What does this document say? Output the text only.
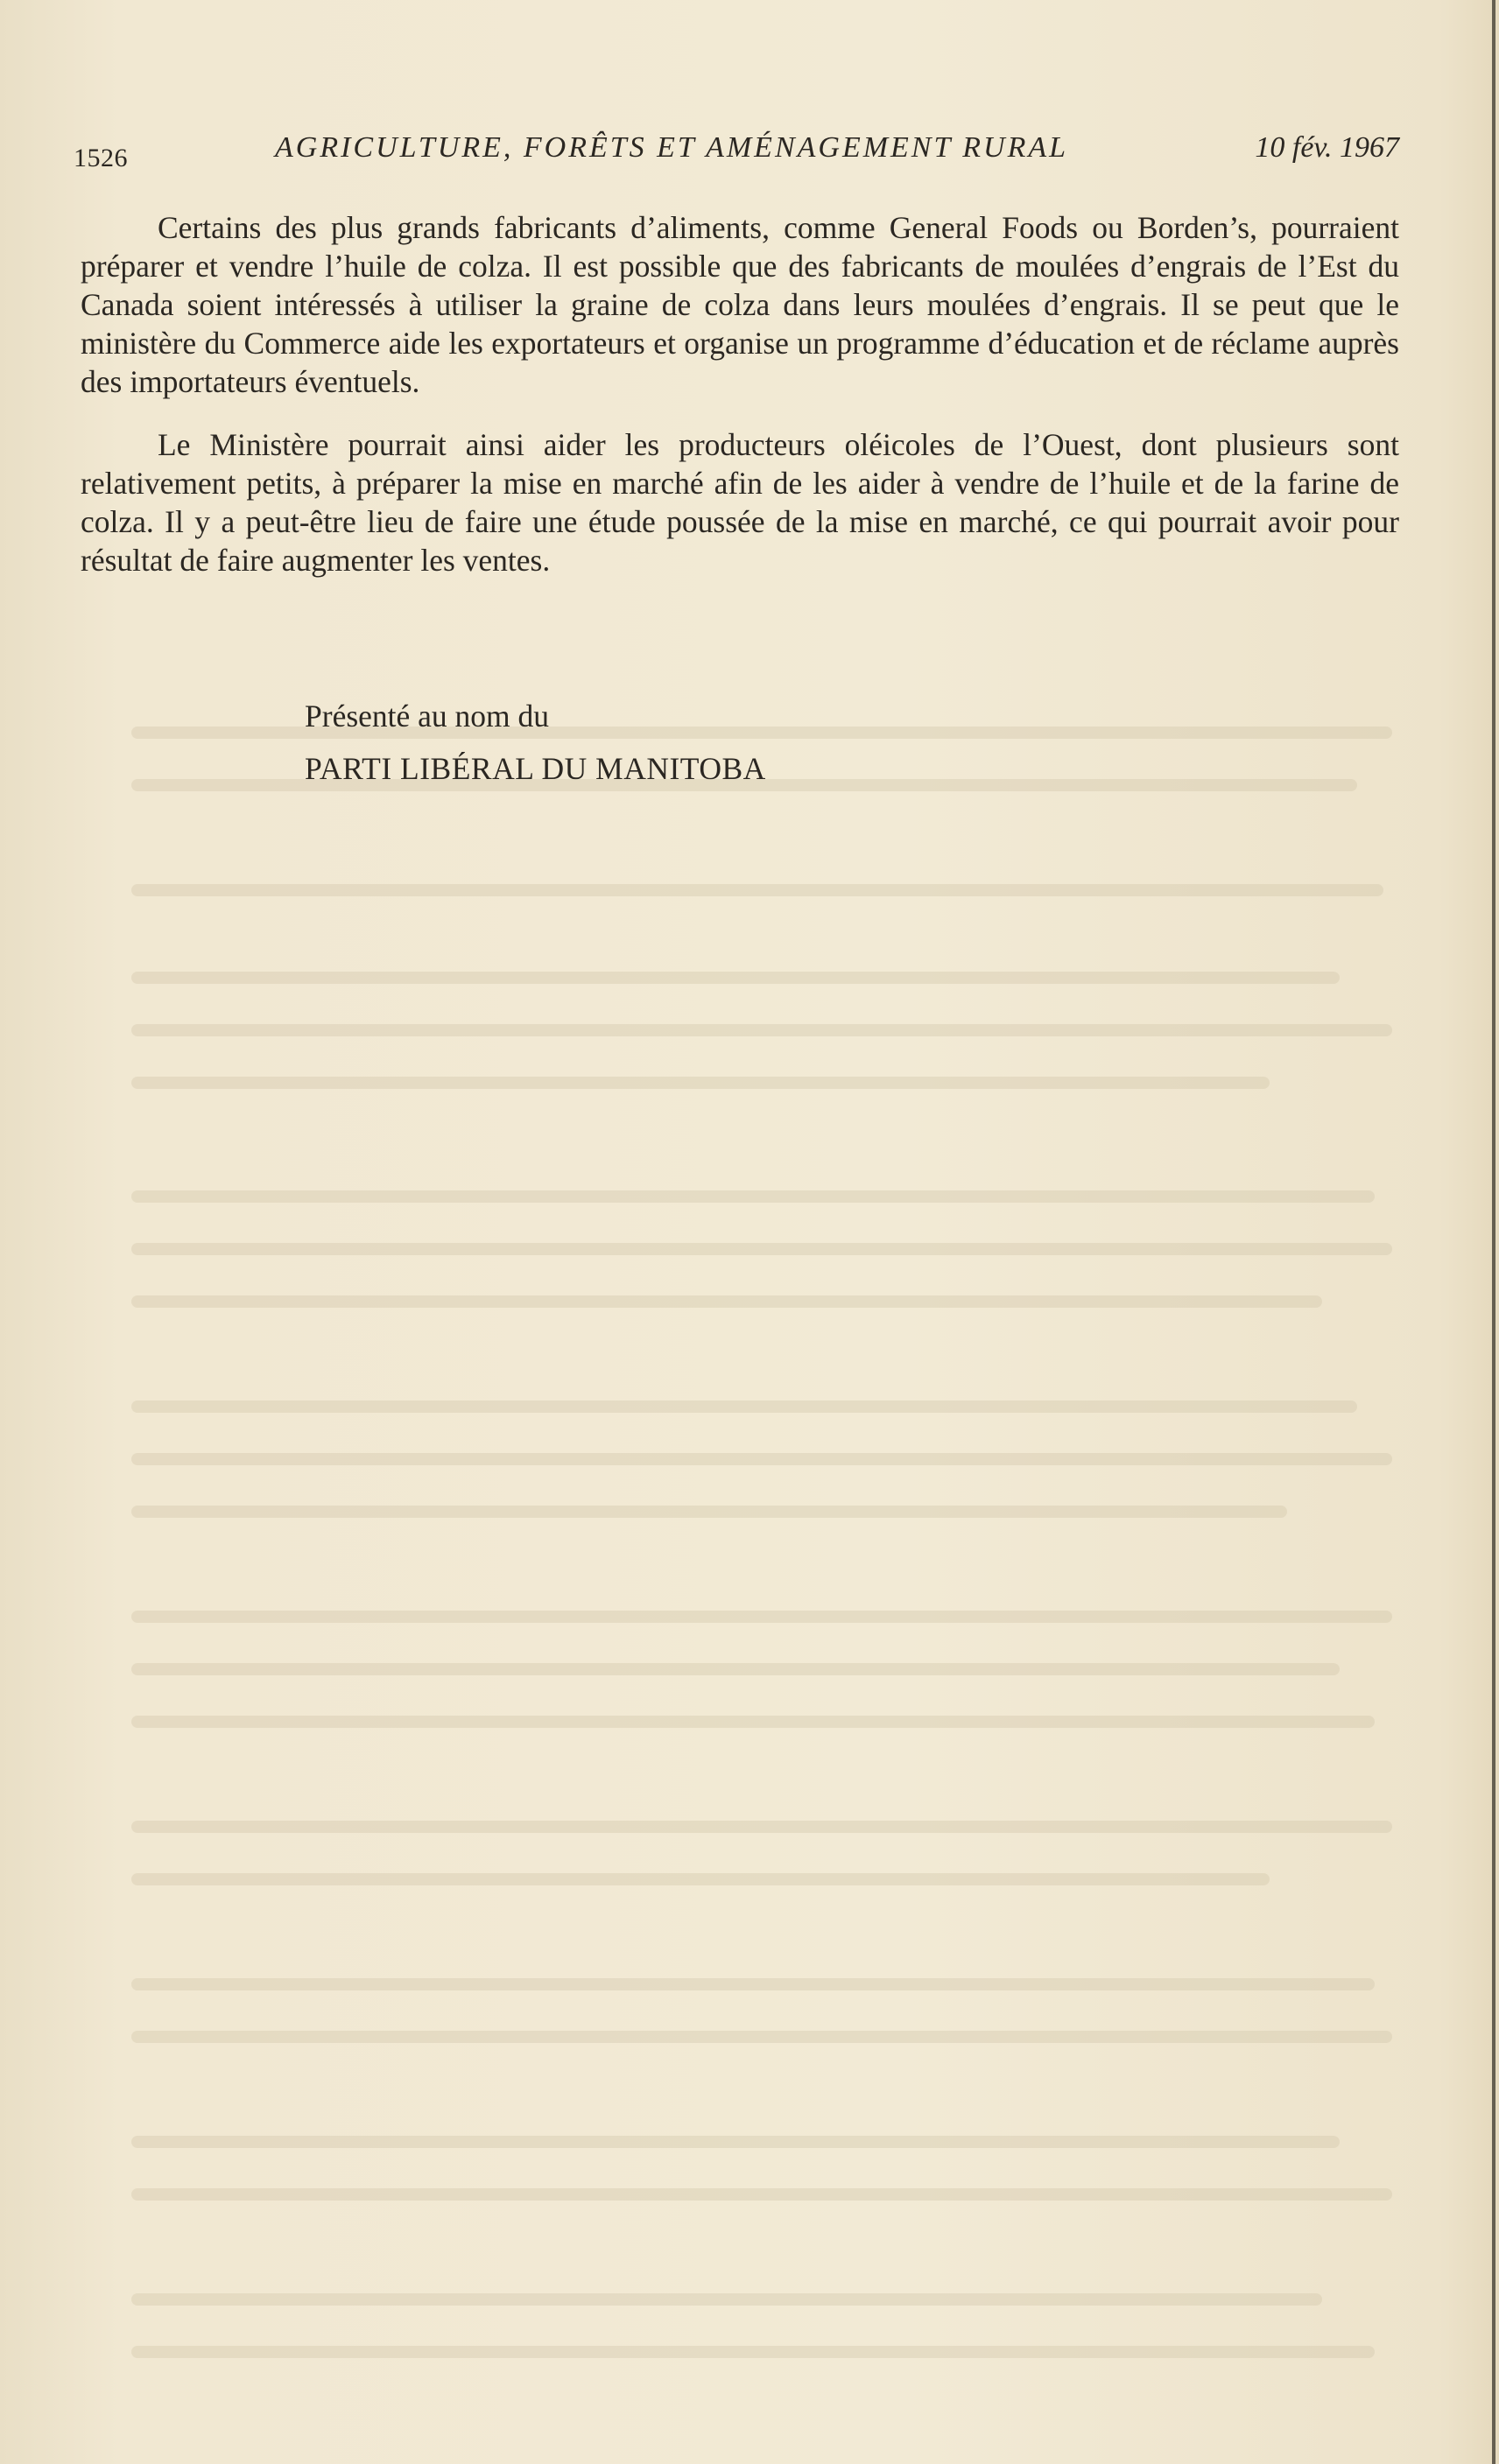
1526	AGRICULTURE, FORÊTS ET AMÉNAGEMENT RURAL	10 fév. 1967

Certains des plus grands fabricants d’aliments, comme General Foods ou Borden’s, pourraient préparer et vendre l’huile de colza. Il est possible que des fabricants de moulées d’engrais de l’Est du Canada soient intéressés à utiliser la graine de colza dans leurs moulées d’engrais. Il se peut que le ministère du Commerce aide les exportateurs et organise un programme d’éducation et de réclame auprès des importateurs éventuels.

Le Ministère pourrait ainsi aider les producteurs oléicoles de l’Ouest, dont plusieurs sont relativement petits, à préparer la mise en marché afin de les aider à vendre de l’huile et de la farine de colza. Il y a peut-être lieu de faire une étude poussée de la mise en marché, ce qui pourrait avoir pour résultat de faire augmenter les ventes.

Présenté au nom du
PARTI LIBÉRAL DU MANITOBA
